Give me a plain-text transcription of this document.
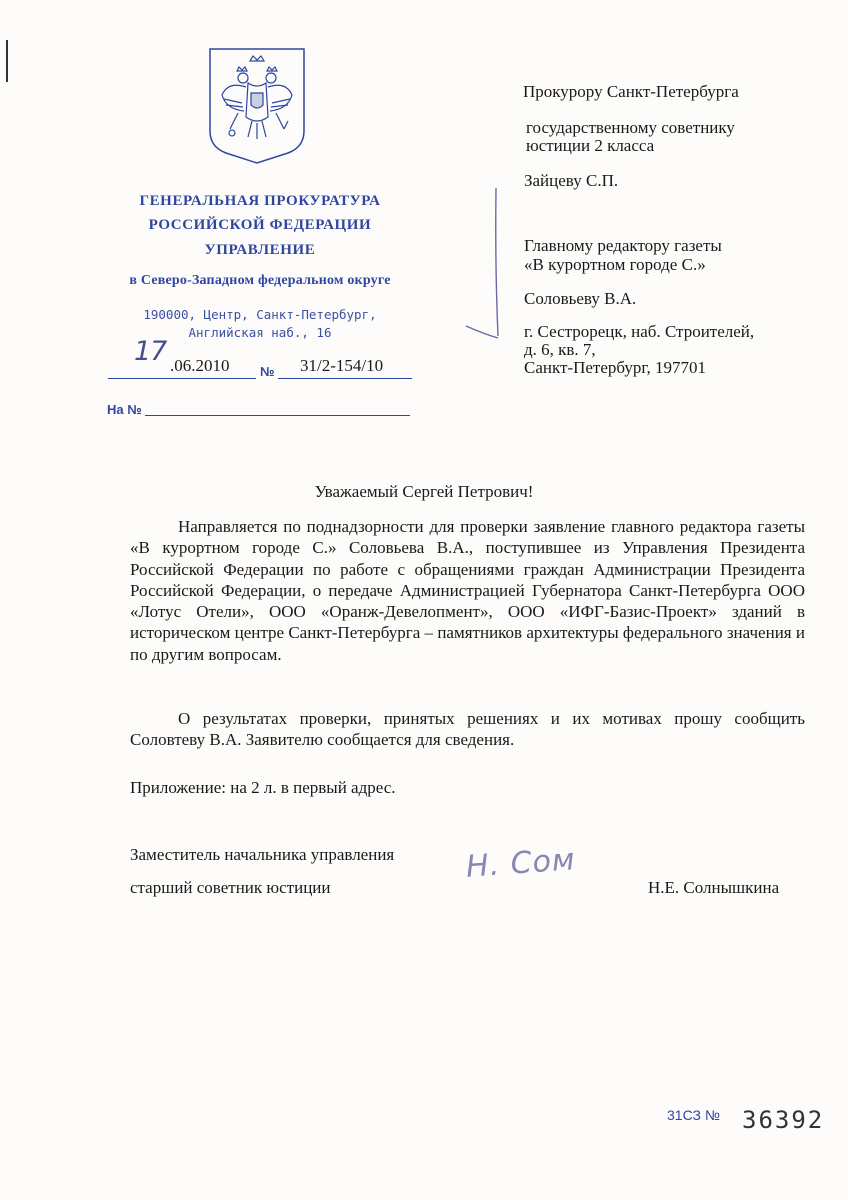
ГЕНЕРАЛЬНАЯ ПРОКУРАТУРА
РОССИЙСКОЙ ФЕДЕРАЦИИ
УПРАВЛЕНИЕ
в Северо-Западном федеральном округе
190000, Центр, Санкт-Петербург,
Английская наб., 16
17 .06.2010 № 31/2-154/10
На №
Прокурору Санкт-Петербурга
государственному советнику
юстиции 2 класса
Зайцеву С.П.
Главному редактору газеты
«В курортном городе С.»
Соловьеву В.А.
г. Сестрорецк, наб. Строителей,
д. 6, кв. 7,
Санкт-Петербург, 197701
Уважаемый Сергей Петрович!
Направляется по поднадзорности для проверки заявление главного редактора газеты «В курортном городе С.» Соловьева В.А., поступившее из Управления Президента Российской Федерации по работе с обращениями граждан Администрации Президента Российской Федерации, о передаче Администрацией Губернатора Санкт-Петербурга ООО «Лотус Отели», ООО «Оранж-Девелопмент», ООО «ИФГ-Базис-Проект» зданий в историческом центре Санкт-Петербурга – памятников архитектуры федерального значения и по другим вопросам.
О результатах проверки, принятых решениях и их мотивах прошу сообщить Соловтеву В.А. Заявителю сообщается для сведения.
Приложение: на 2 л. в первый адрес.
Заместитель начальника управления
старший советник юстиции
Н. Сом
Н.Е. Солнышкина
31СЗ № 36392
